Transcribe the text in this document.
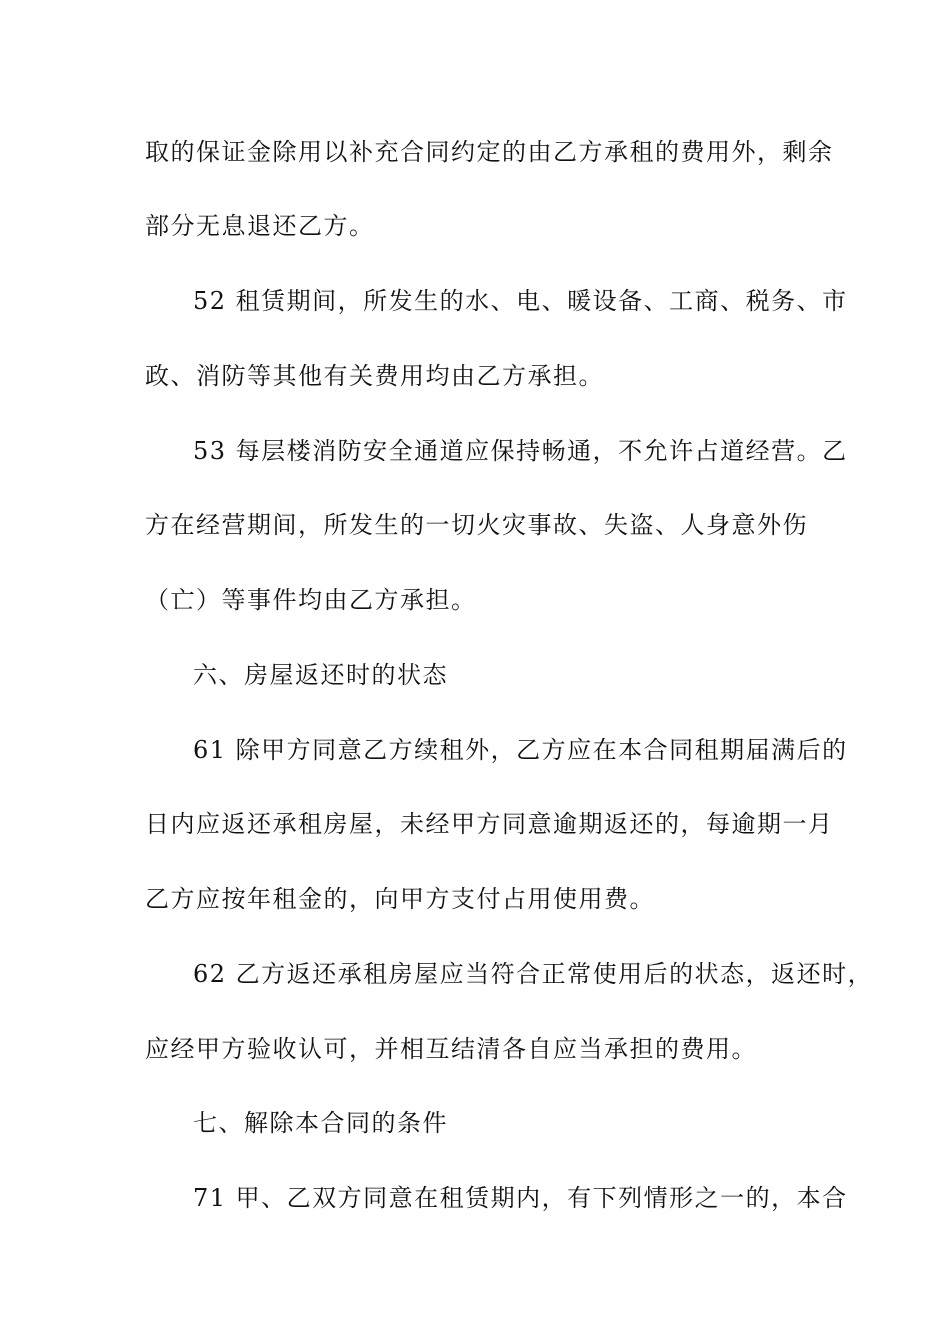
取的保证金除用以补充合同约定的由乙方承租的费用外，剩余
部分无息退还乙方。
52 租赁期间，所发生的水、电、暖设备、工商、税务、市
政、消防等其他有关费用均由乙方承担。
53 每层楼消防安全通道应保持畅通，不允许占道经营。乙
方在经营期间，所发生的一切火灾事故、失盗、人身意外伤
（亡）等事件均由乙方承担。
六、房屋返还时的状态
61 除甲方同意乙方续租外，乙方应在本合同租期届满后的
日内应返还承租房屋，未经甲方同意逾期返还的，每逾期一月
乙方应按年租金的，向甲方支付占用使用费。
62 乙方返还承租房屋应当符合正常使用后的状态，返还时，
应经甲方验收认可，并相互结清各自应当承担的费用。
七、解除本合同的条件
71 甲、乙双方同意在租赁期内，有下列情形之一的，本合
